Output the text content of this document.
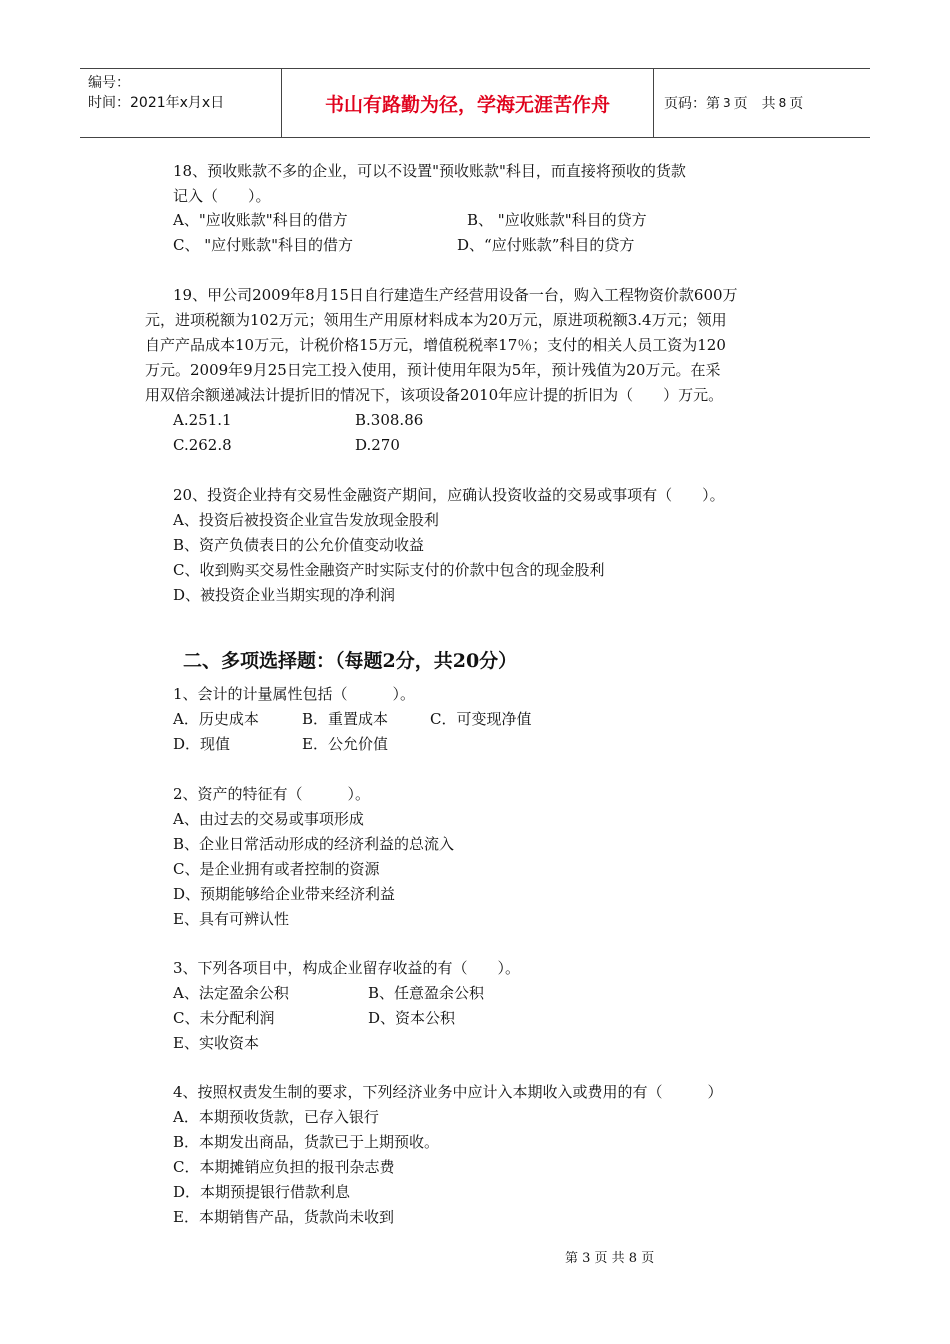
编号：
时间：2021年x月x日	书山有路勤为径，学海无涯苦作舟	页码：第 3 页　共 8 页
18、预收账款不多的企业，可以不设置"预收账款"科目，而直接将预收的货款
记入（　　）。
A、"应收账款"科目的借方	B、 "应收账款"科目的贷方
C、 "应付账款"科目的借方	D、“应付账款”科目的贷方
19、甲公司2009年8月15日自行建造生产经营用设备一台，购入工程物资价款600万
元，进项税额为102万元；领用生产用原材料成本为20万元，原进项税额3.4万元；领用
自产产品成本10万元，计税价格15万元，增值税税率17％；支付的相关人员工资为120
万元。2009年9月25日完工投入使用，预计使用年限为5年，预计残值为20万元。在采
用双倍余额递减法计提折旧的情况下，该项设备2010年应计提的折旧为（　　）万元。
A.251.1	B.308.86
C.262.8	D.270
20、投资企业持有交易性金融资产期间，应确认投资收益的交易或事项有（　　）。
A、投资后被投资企业宣告发放现金股利
B、资产负债表日的公允价值变动收益
C、收到购买交易性金融资产时实际支付的价款中包含的现金股利
D、被投资企业当期实现的净利润
二、多项选择题：（每题2分，共20分）
1、会计的计量属性包括（　　　）。
A．历史成本	B．重置成本	C．可变现净值
D．现值	E．公允价值
2、资产的特征有（　　　）。
A、由过去的交易或事项形成
B、企业日常活动形成的经济利益的总流入
C、是企业拥有或者控制的资源
D、预期能够给企业带来经济利益
E、具有可辨认性
3、下列各项目中，构成企业留存收益的有（　　）。
A、法定盈余公积	B、任意盈余公积
C、未分配利润	D、资本公积
E、实收资本
4、按照权责发生制的要求，下列经济业务中应计入本期收入或费用的有（　　　）
A．本期预收货款，已存入银行
B．本期发出商品，货款已于上期预收。
C．本期摊销应负担的报刊杂志费
D．本期预提银行借款利息
E．本期销售产品，货款尚未收到
第 3 页 共 8 页
